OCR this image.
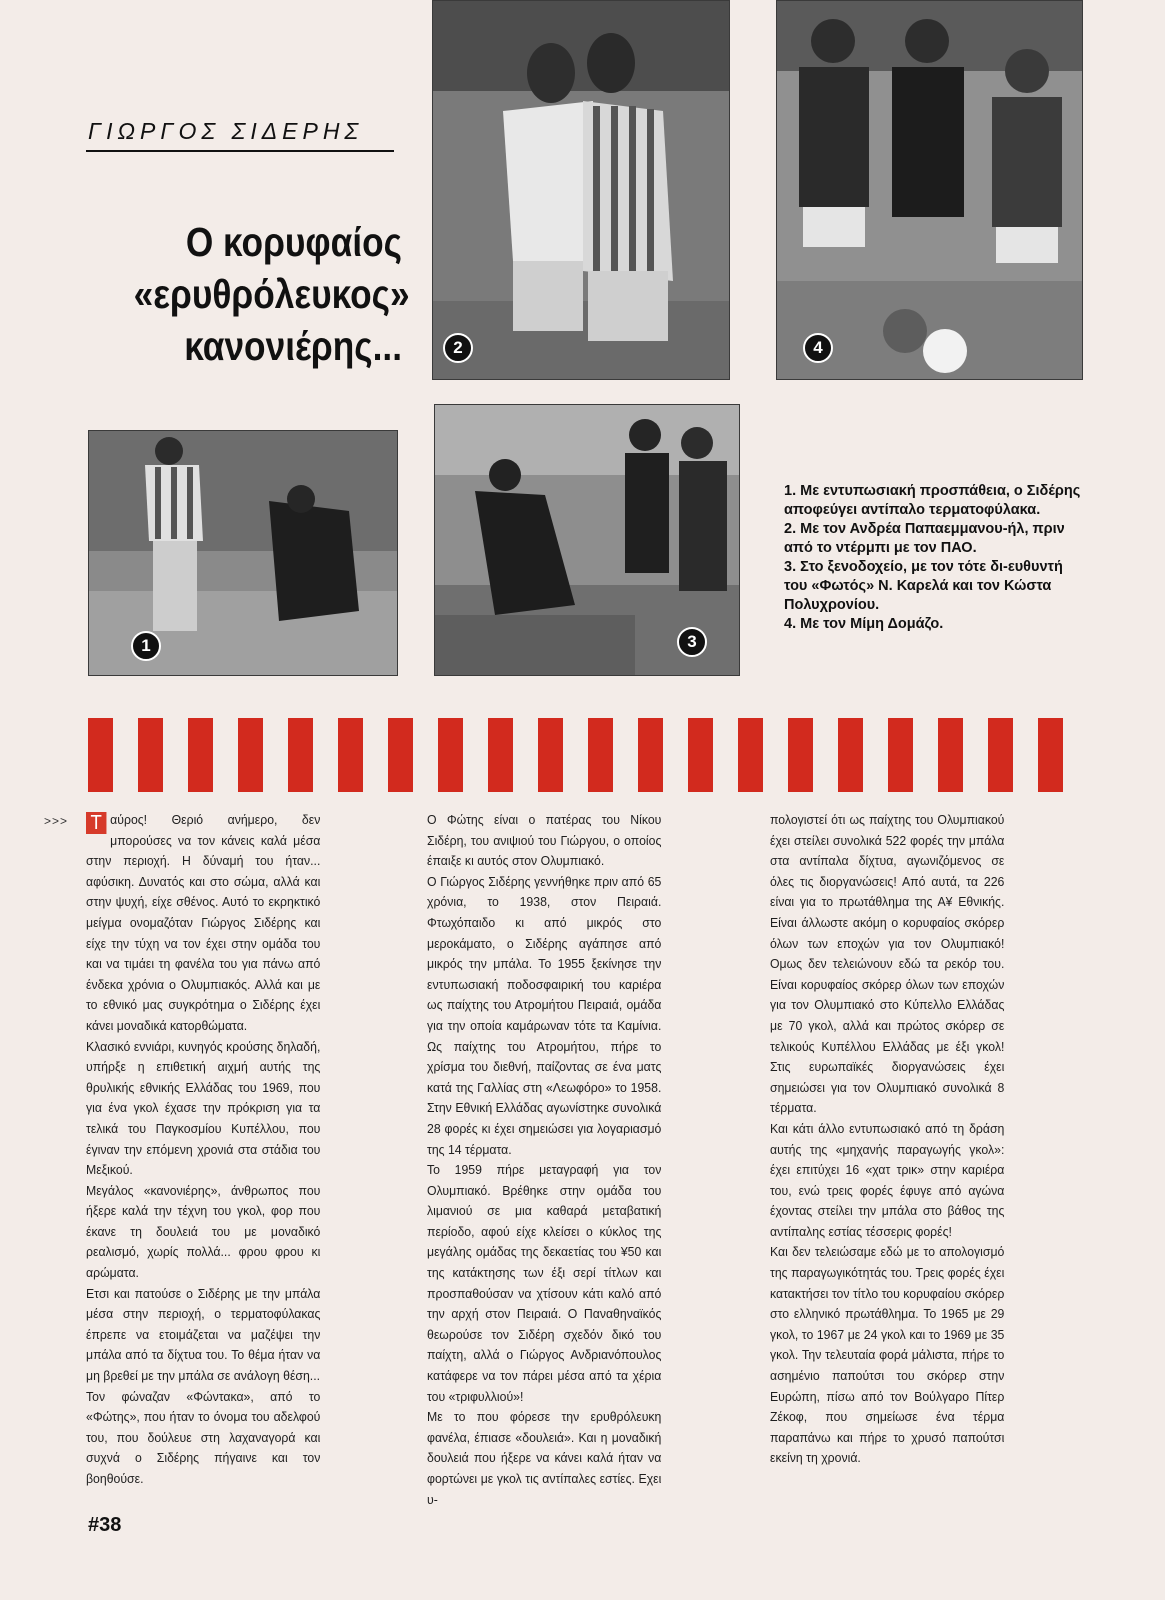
ΓΙΩΡΓΟΣ ΣΙΔΕΡΗΣ
Ο κορυφαίος
«ερυθρόλευκος»
κανονιέρης...	2	4
1	3
1. Με εντυπωσιακή προσπάθεια, ο Σιδέρης αποφεύγει αντίπαλο τερματοφύλακα.
2. Με τον Ανδρέα Παπαεμμανου-ήλ, πριν από το ντέρμπι με τον ΠΑΟ.
3. Στο ξενοδοχείο, με τον τότε δι-ευθυντή του «Φωτός» Ν. Καρελά και τον Κώστα Πολυχρονίου.
4. Με τον Μίμη Δομάζο.
>>> Τ αύρος! Θεριό ανήμερο, δεν μπορούσες να τον κάνεις καλά μέσα στην περιοχή. Η δύναμή του ήταν... αφύσικη. Δυνατός και στο σώμα, αλλά και στην ψυχή, είχε σθένος. Αυτό το εκρηκτικό μείγμα ονομαζόταν Γιώργος Σιδέρης και είχε την τύχη να τον έχει στην ομάδα του και να τιμάει τη φανέλα του για πάνω από ένδεκα χρόνια ο Ολυμπιακός. Αλλά και με το εθνικό μας συγκρότημα ο Σιδέρης έχει κάνει μοναδικά κατορθώματα.

Κλασικό εννιάρι, κυνηγός κρούσης δηλαδή, υπήρξε η επιθετική αιχμή αυτής της θρυλικής εθνικής Ελλάδας του 1969, που για ένα γκολ έχασε την πρόκριση για τα τελικά του Παγκοσμίου Κυπέλλου, που έγιναν την επόμενη χρονιά στα στάδια του Μεξικού.

Μεγάλος «κανονιέρης», άνθρωπος που ήξερε καλά την τέχνη του γκολ, φορ που έκανε τη δουλειά του με μοναδικό ρεαλισμό, χωρίς πολλά... φρου φρου κι αρώματα.

Ετσι και πατούσε ο Σιδέρης με την μπάλα μέσα στην περιοχή, ο τερματοφύλακας έπρεπε να ετοιμάζεται να μαζέψει την μπάλα από τα δίχτυα του. Το θέμα ήταν να μη βρεθεί με την μπάλα σε ανάλογη θέση...

Τον φώναζαν «Φώντακα», από το «Φώτης», που ήταν το όνομα του αδελφού του, που δούλευε στη λαχαναγορά και συχνά ο Σιδέρης πήγαινε και τον βοηθούσε.

Ο Φώτης είναι ο πατέρας του Νίκου Σιδέρη, του ανιψιού του Γιώργου, ο οποίος έπαιξε κι αυτός στον Ολυμπιακό.

Ο Γιώργος Σιδέρης γεννήθηκε πριν από 65 χρόνια, το 1938, στον Πειραιά. Φτωχόπαιδο κι από μικρός στο μεροκάματο, ο Σιδέρης αγάπησε από μικρός την μπάλα. Το 1955 ξεκίνησε την εντυπωσιακή ποδοσφαιρική του καριέρα ως παίχτης του Ατρομήτου Πειραιά, ομάδα για την οποία καμάρωναν τότε τα Καμίνια. Ως παίχτης του Ατρομήτου, πήρε το χρίσμα του διεθνή, παίζοντας σε ένα ματς κατά της Γαλλίας στη «Λεωφόρο» το 1958. Στην Εθνική Ελλάδας αγωνίστηκε συνολικά 28 φορές κι έχει σημειώσει για λογαριασμό της 14 τέρματα.

Το 1959 πήρε μεταγραφή για τον Ολυμπιακό. Βρέθηκε στην ομάδα του λιμανιού σε μια καθαρά μεταβατική περίοδο, αφού είχε κλείσει ο κύκλος της μεγάλης ομάδας της δεκαετίας του ¥50 και της κατάκτησης των έξι σερί τίτλων και προσπαθούσαν να χτίσουν κάτι καλό από την αρχή στον Πειραιά. Ο Παναθηναϊκός θεωρούσε τον Σιδέρη σχεδόν δικό του παίχτη, αλλά ο Γιώργος Ανδριανόπουλος κατάφερε να τον πάρει μέσα από τα χέρια του «τριφυλλιού»!

Με το που φόρεσε την ερυθρόλευκη φανέλα, έπιασε «δουλειά». Και η μοναδική δουλειά που ήξερε να κάνει καλά ήταν να φορτώνει με γκολ τις αντίπαλες εστίες. Εχει υ-

πολογιστεί ότι ως παίχτης του Ολυμπιακού έχει στείλει συνολικά 522 φορές την μπάλα στα αντίπαλα δίχτυα, αγωνιζόμενος σε όλες τις διοργανώσεις! Από αυτά, τα 226 είναι για το πρωτάθλημα της Α¥ Εθνικής. Είναι άλλωστε ακόμη ο κορυφαίος σκόρερ όλων των εποχών για τον Ολυμπιακό! Ομως δεν τελειώνουν εδώ τα ρεκόρ του. Είναι κορυφαίος σκόρερ όλων των εποχών για τον Ολυμπιακό στο Κύπελλο Ελλάδας με 70 γκολ, αλλά και πρώτος σκόρερ σε τελικούς Κυπέλλου Ελλάδας με έξι γκολ! Στις ευρωπαϊκές διοργανώσεις έχει σημειώσει για τον Ολυμπιακό συνολικά 8 τέρματα.

Και κάτι άλλο εντυπωσιακό από τη δράση αυτής της «μηχανής παραγωγής γκολ»: έχει επιτύχει 16 «χατ τρικ» στην καριέρα του, ενώ τρεις φορές έφυγε από αγώνα έχοντας στείλει την μπάλα στο βάθος της αντίπαλης εστίας τέσσερις φορές!

Και δεν τελειώσαμε εδώ με το απολογισμό της παραγωγικότητάς του. Τρεις φορές έχει κατακτήσει τον τίτλο του κορυφαίου σκόρερ στο ελληνικό πρωτάθλημα. Το 1965 με 29 γκολ, το 1967 με 24 γκολ και το 1969 με 35 γκολ. Την τελευταία φορά μάλιστα, πήρε το ασημένιο παπούτσι του σκόρερ στην Ευρώπη, πίσω από τον Βούλγαρο Πίτερ Ζέκοφ, που σημείωσε ένα τέρμα παραπάνω και πήρε το χρυσό παπούτσι εκείνη τη χρονιά.

#38
